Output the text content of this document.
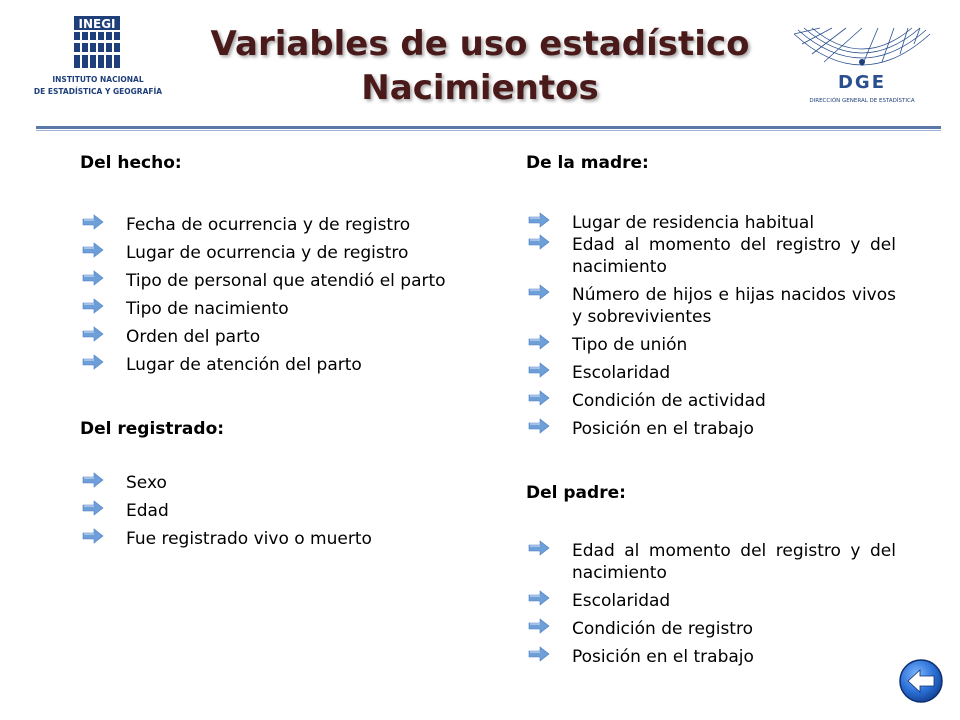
INEGI
INSTITUTO NACIONAL
DE ESTADÍSTICA Y GEOGRAFÍA
Variables de uso estadístico
Nacimientos	DGE
DIRECCIÓN GENERAL DE ESTADÍSTICA
Del hecho:
Fecha de ocurrencia y de registro
Lugar de ocurrencia y de registro
Tipo de personal que atendió el parto
Tipo de nacimiento
Orden del parto
Lugar de atención del parto
Del registrado:
Sexo
Edad
Fue registrado vivo o muerto
De la madre:
Lugar de residencia habitual
Edad al momento del registro y del nacimiento
Número de hijos e hijas nacidos vivos y sobrevivientes
Tipo de unión
Escolaridad
Condición de actividad
Posición en el trabajo
Del padre:
Edad al momento del registro y del nacimiento
Escolaridad
Condición de registro
Posición en el trabajo
